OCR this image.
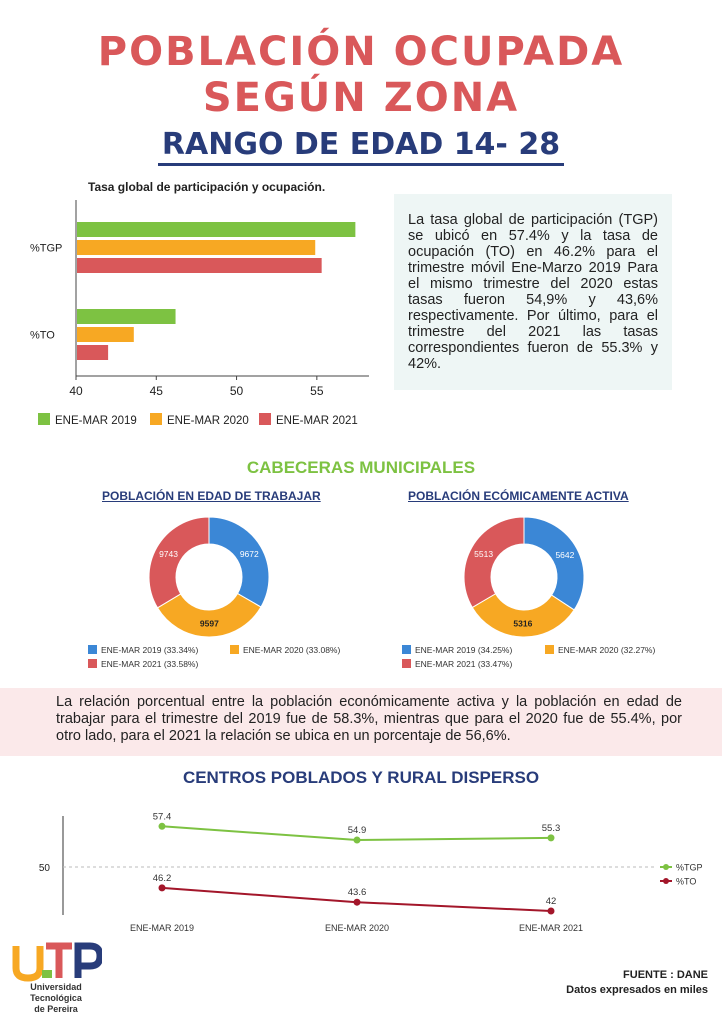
POBLACIÓN OCUPADA
SEGÚN ZONA
RANGO DE EDAD 14- 28
Tasa global de participación y ocupación.
40	45	50	55
%TGP
%TO
ENE-MAR 2019	ENE-MAR 2020 ENE-MAR 2021

La tasa global de participación (TGP) se ubicó en 57.4% y la tasa de ocupación (TO) en 46.2% para el trimestre móvil Ene-Marzo 2019 Para el mismo trimestre del 2020 estas tasas fueron 54,9% y 43,6% respectivamente. Por último, para el trimestre del 2021 las tasas correspondientes fueron de 55.3% y 42%.

CABECERAS MUNICIPALES
POBLACIÓN EN EDAD DE TRABAJAR	POBLACIÓN ECÓMICAMENTE ACTIVA
9672
9597
9743
ENE-MAR 2019 (33.34%)	ENE-MAR 2020 (33.08%)
ENE-MAR 2021 (33.58%)
5642
5316
5513
ENE-MAR 2019 (34.25%)	ENE-MAR 2020 (32.27%)
ENE-MAR 2021 (33.47%)

La relación porcentual entre la población económicamente activa y la población en edad de trabajar para el trimestre del 2019 fue de 58.3%, mientras que para el 2020 fue de 55.4%, por otro lado, para el 2021 la relación se ubica en un porcentaje de 56,6%.

CENTROS POBLADOS Y RURAL DISPERSO
50
57.4
54.9	55.3
%TGP
46.2
43.6
42
%TO
ENE-MAR 2019	ENE-MAR 2020	ENE-MAR 2021
Universidad Tecnológica
de Pereira
FUENTE : DANE
Datos expresados en miles
